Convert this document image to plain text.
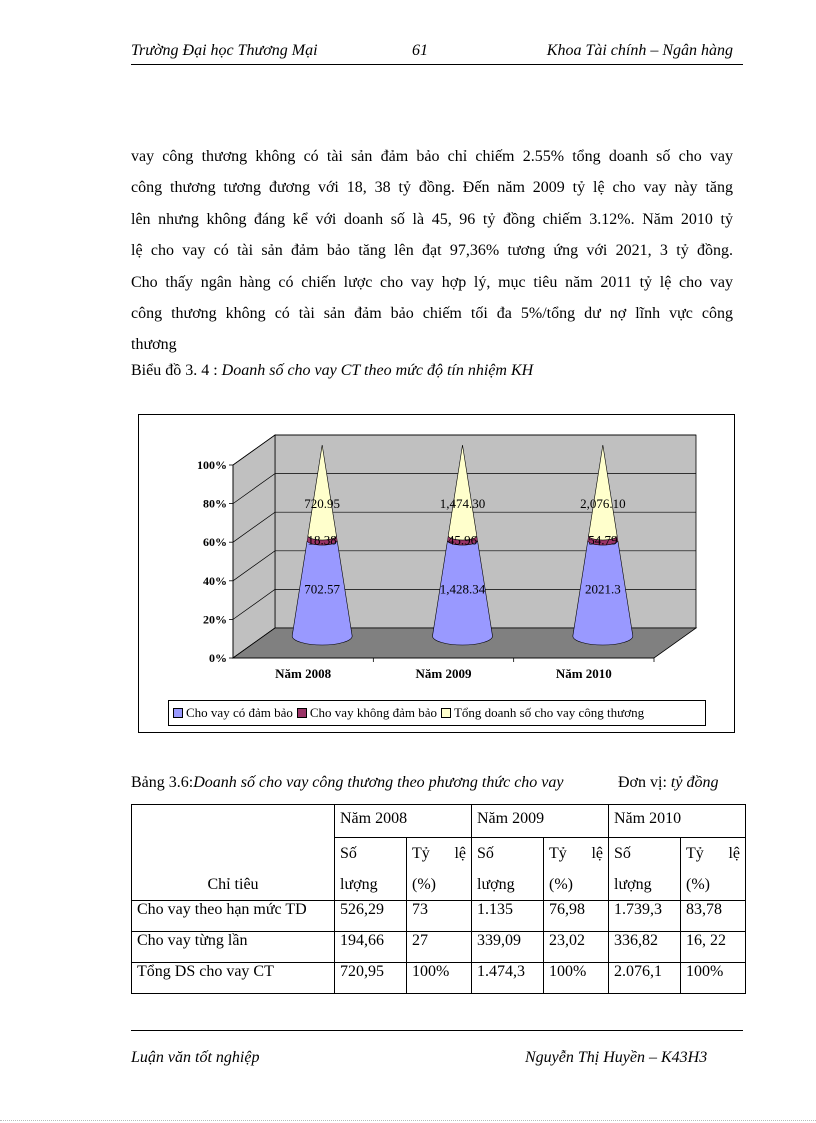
Trường Đại học Thương Mại	61	Khoa Tài chính – Ngân hàng
vay công thương không có tài sản đảm bảo chỉ chiếm 2.55% tổng doanh số cho vay
công thương tương đương với 18, 38 tỷ đồng. Đến năm 2009 tỷ lệ cho vay này tăng
lên nhưng không đáng kể với doanh số là 45, 96 tỷ đồng chiếm 3.12%. Năm 2010 tỷ
lệ cho vay có tài sản đảm bảo tăng lên đạt 97,36% tương ứng với 2021, 3 tỷ đồng.
Cho thấy ngân hàng có chiến lược cho vay hợp lý, mục tiêu năm 2011 tỷ lệ cho vay
công thương không có tài sản đảm bảo chiếm tối đa 5%/tổng dư nợ lĩnh vực công
thương
Biểu đồ 3. 4 : Doanh số cho vay CT theo mức độ tín nhiệm KH
0%
20%
40%
60%
80%
100%
702.57
18.38
720.95
Năm 2008
1,428.34
45.96
1,474.30
Năm 2009
2021.3
54.79
2,076.10
Năm 2010
Cho vay có đảm bảo Cho vay không đảm bảo Tổng doanh số cho vay công thương
Bảng 3.6:Doanh số cho vay công thương theo phương thức cho vay	Đơn vị: tỷ đồng
Chỉ tiêu	Năm 2008		Năm 2009		Năm 2010	
	Số
lượng	Tỷ lệ
(%)	Số
lượng	Tỷ lệ
(%)	Số
lượng	Tỷ lệ
(%)
Cho vay theo hạn mức TD	526,29	73	1.135	76,98	1.739,3	83,78
Cho vay từng lần	194,66	27	339,09	23,02	336,82	16, 22
Tổng DS cho vay CT	720,95	100%	1.474,3	100%	2.076,1	100%
Luận văn tốt nghiệp	Nguyễn Thị Huyền – K43H3
